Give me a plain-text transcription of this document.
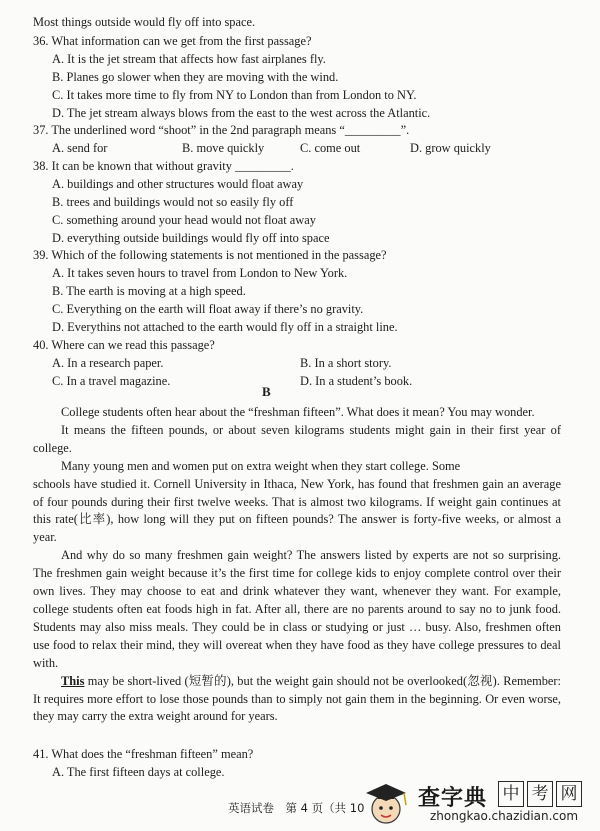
Most things outside would fly off into space.
36. What information can we get from the first passage?
A. It is the jet stream that affects how fast airplanes fly.
B. Planes go slower when they are moving with the wind.
C. It takes more time to fly from NY to London than from London to NY.
D. The jet stream always blows from the east to the west across the Atlantic.
37. The underlined word “shoot” in the 2nd paragraph means “_________”.
A. send for	B. move quickly	C. come out	D. grow quickly
38. It can be known that without gravity _________.
A. buildings and other structures would float away
B. trees and buildings would not so easily fly off
C. something around your head would not float away
D. everything outside buildings would fly off into space
39. Which of the following statements is not mentioned in the passage?
A. It takes seven hours to travel from London to New York.
B. The earth is moving at a high speed.
C. Everything on the earth will float away if there’s no gravity.
D. Everythins not attached to the earth would fly off in a straight line.
40. Where can we read this passage?
A. In a research paper.	B. In a short story.
C. In a travel magazine.	D. In a student’s book.
B

College students often hear about the “freshman fifteen”. What does it mean? You may wonder.

It means the fifteen pounds, or about seven kilograms students might gain in their first year of college.

Many young men and women put on extra weight when they start college. Some

schools have studied it. Cornell University in Ithaca, New York, has found that freshmen gain an average of four pounds during their first twelve weeks. That is almost two kilograms. If weight gain continues at this rate(比率), how long will they put on fifteen pounds? The answer is forty-five weeks, or almost a year.

And why do so many freshmen gain weight? The answers listed by experts are not so surprising. The freshmen gain weight because it’s the first time for college kids to enjoy complete control over their own lives. They may choose to eat and drink whatever they want, whenever they want. For example, college students often eat foods high in fat. After all, there are no parents around to say no to junk food. Students may also miss meals. They could be in class or studying or just … busy. Also, freshmen often use food to relax their mind, they will overeat when they have food as they have college pressures to deal with.

This may be short-lived (短暂的), but the weight gain should not be overlooked(忽视). Remember: It requires more effort to lose those pounds than to simply not gain them in the beginning. Or even worse, they may carry the extra weight around for years.

41. What does the “freshman fifteen” mean?
A. The first fifteen days at college.
英语试卷　第 4 页（共 10 查字典 中 考 网
zhongkao.chazidian.com
